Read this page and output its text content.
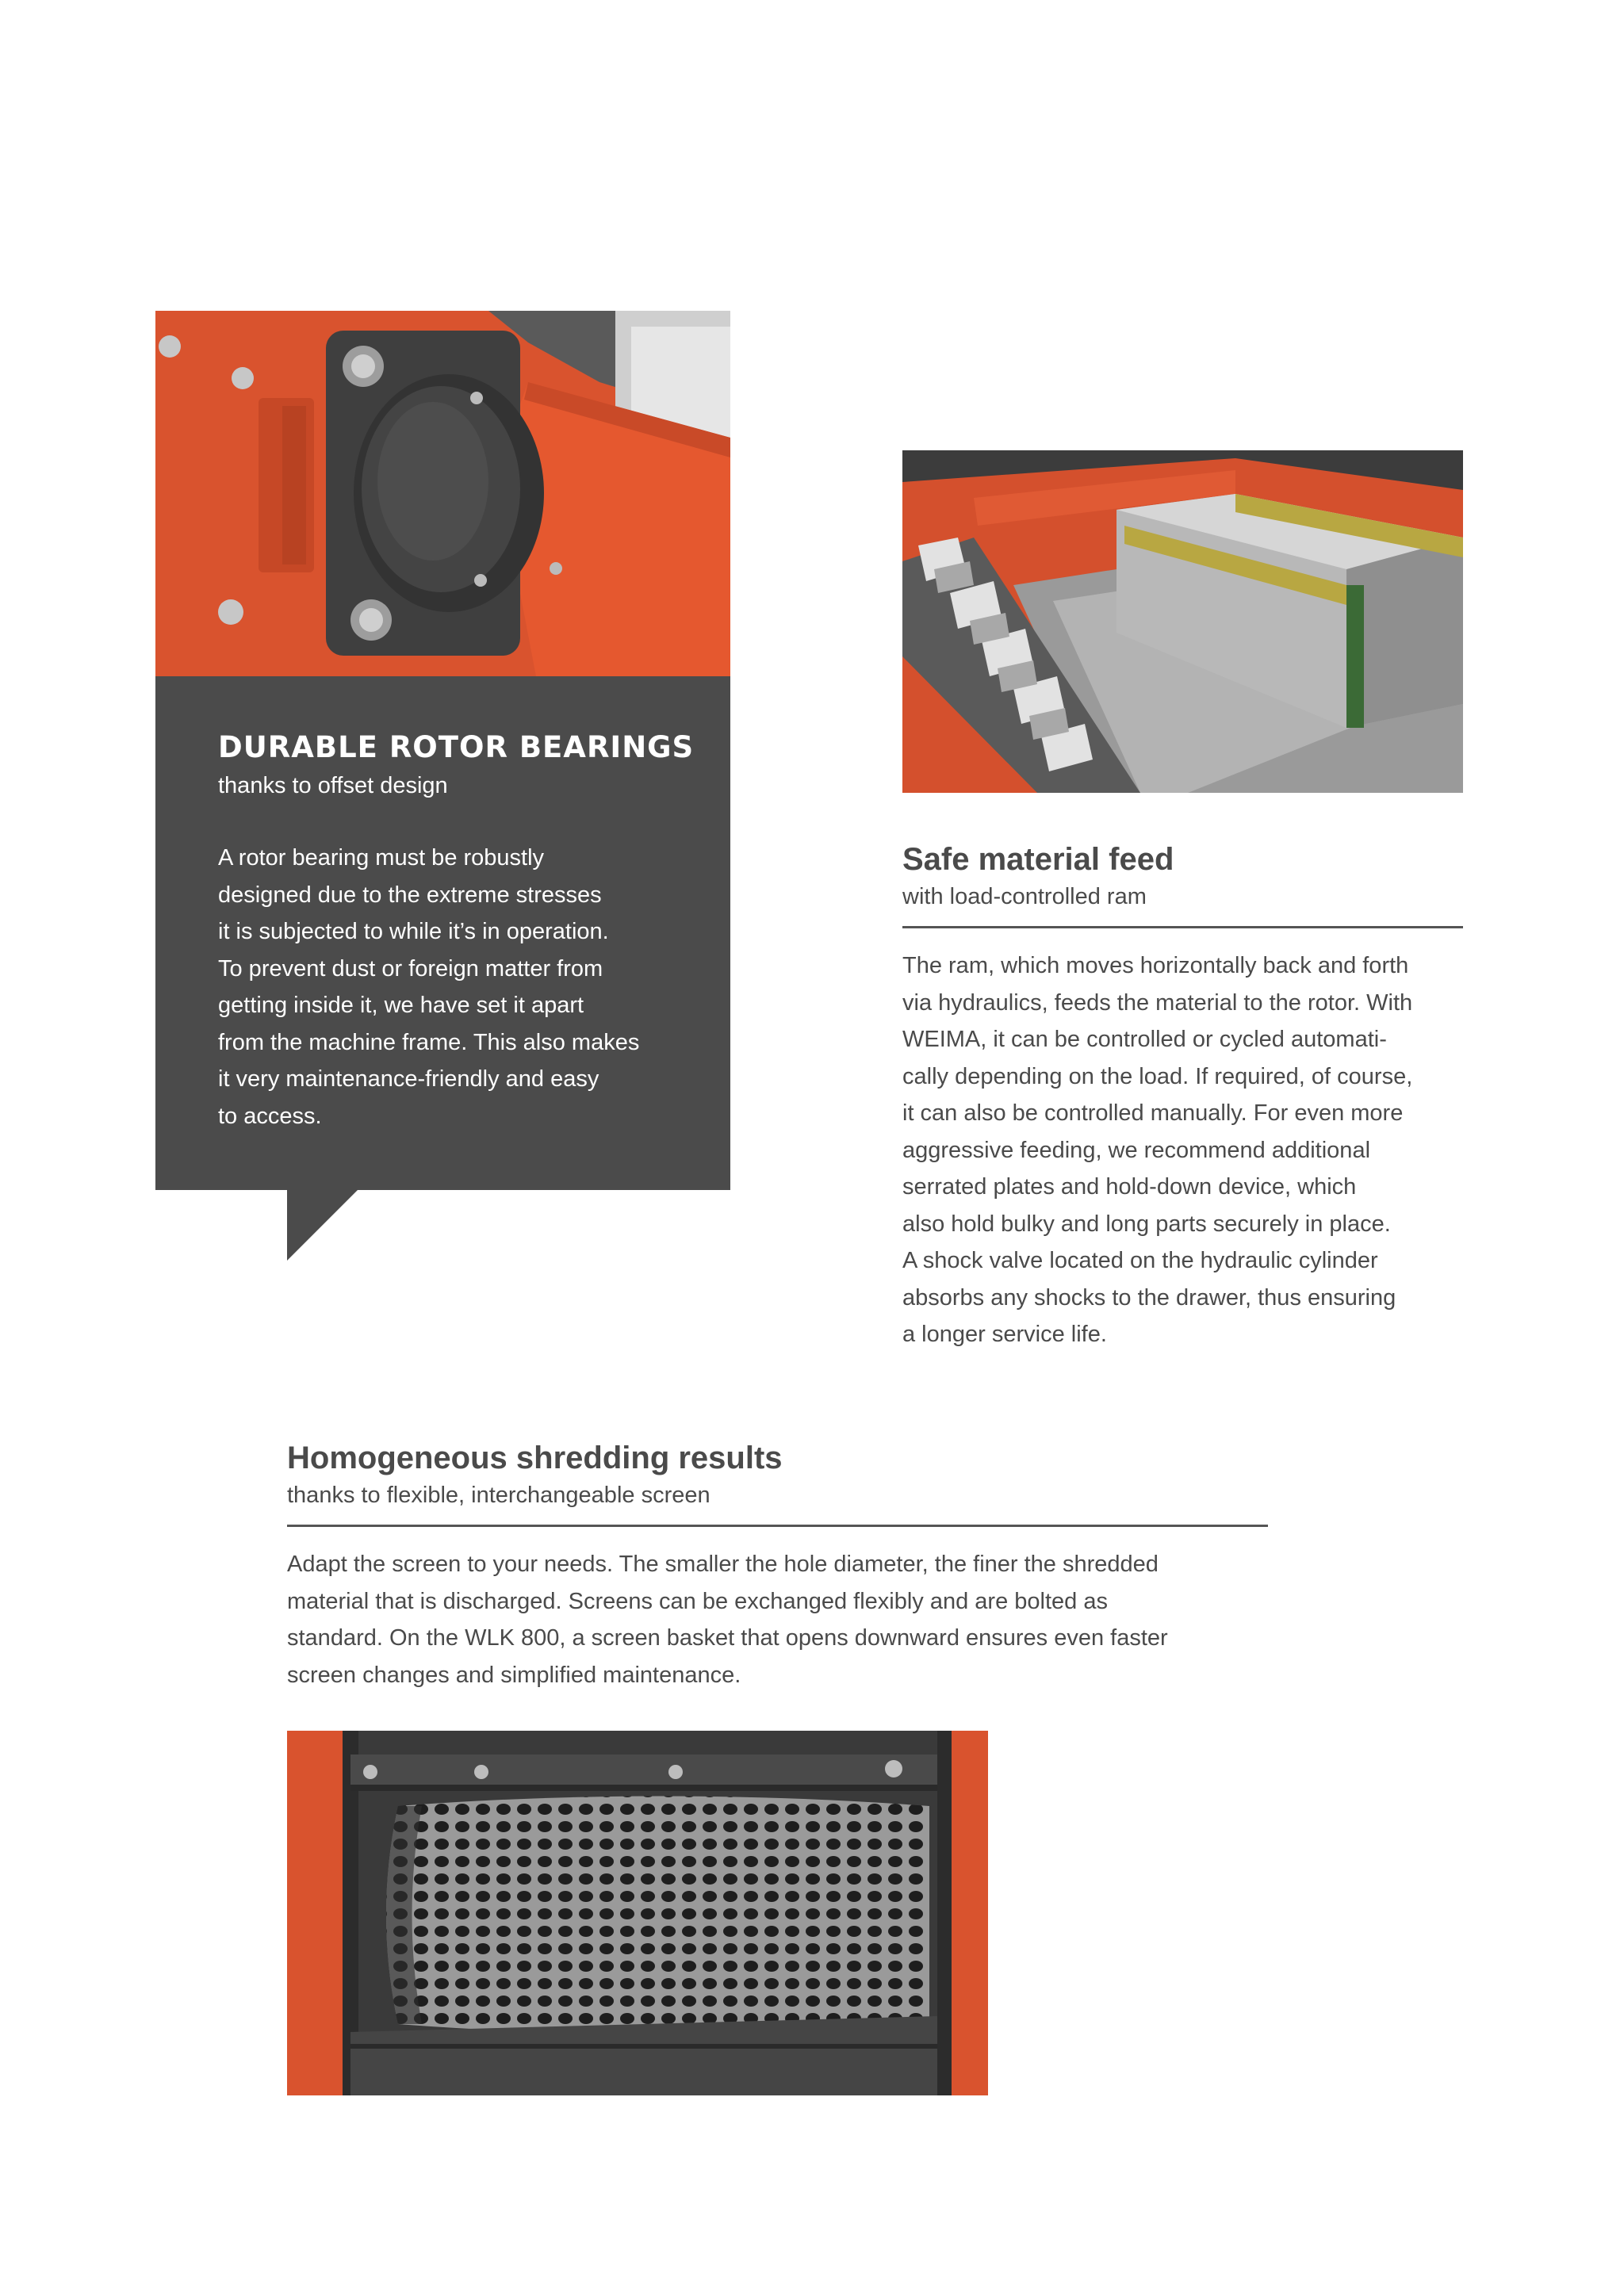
DURABLE ROTOR BEARINGS

thanks to offset design

A rotor bearing must be robustly
designed due to the extreme stresses
it is subjected to while it’s in operation.
To prevent dust or foreign matter from
getting inside it, we have set it apart
from the machine frame. This also makes
it very maintenance-friendly and easy
to access.

Safe material feed

with load-controlled ram

The ram, which moves horizontally back and forth
via hydraulics, feeds the material to the rotor. With
WEIMA, it can be controlled or cycled automati-
cally depending on the load. If required, of course,
it can also be controlled manually. For even more
aggressive feeding, we recommend additional
serrated plates and hold-down device, which
also hold bulky and long parts securely in place.
A shock valve located on the hydraulic cylinder
absorbs any shocks to the drawer, thus ensuring
a longer service life.

Homogeneous shredding results

thanks to flexible, interchangeable screen

Adapt the screen to your needs. The smaller the hole diameter, the finer the shredded
material that is discharged. Screens can be exchanged flexibly and are bolted as
standard. On the WLK 800, a screen basket that opens downward ensures even faster
screen changes and simplified maintenance.
